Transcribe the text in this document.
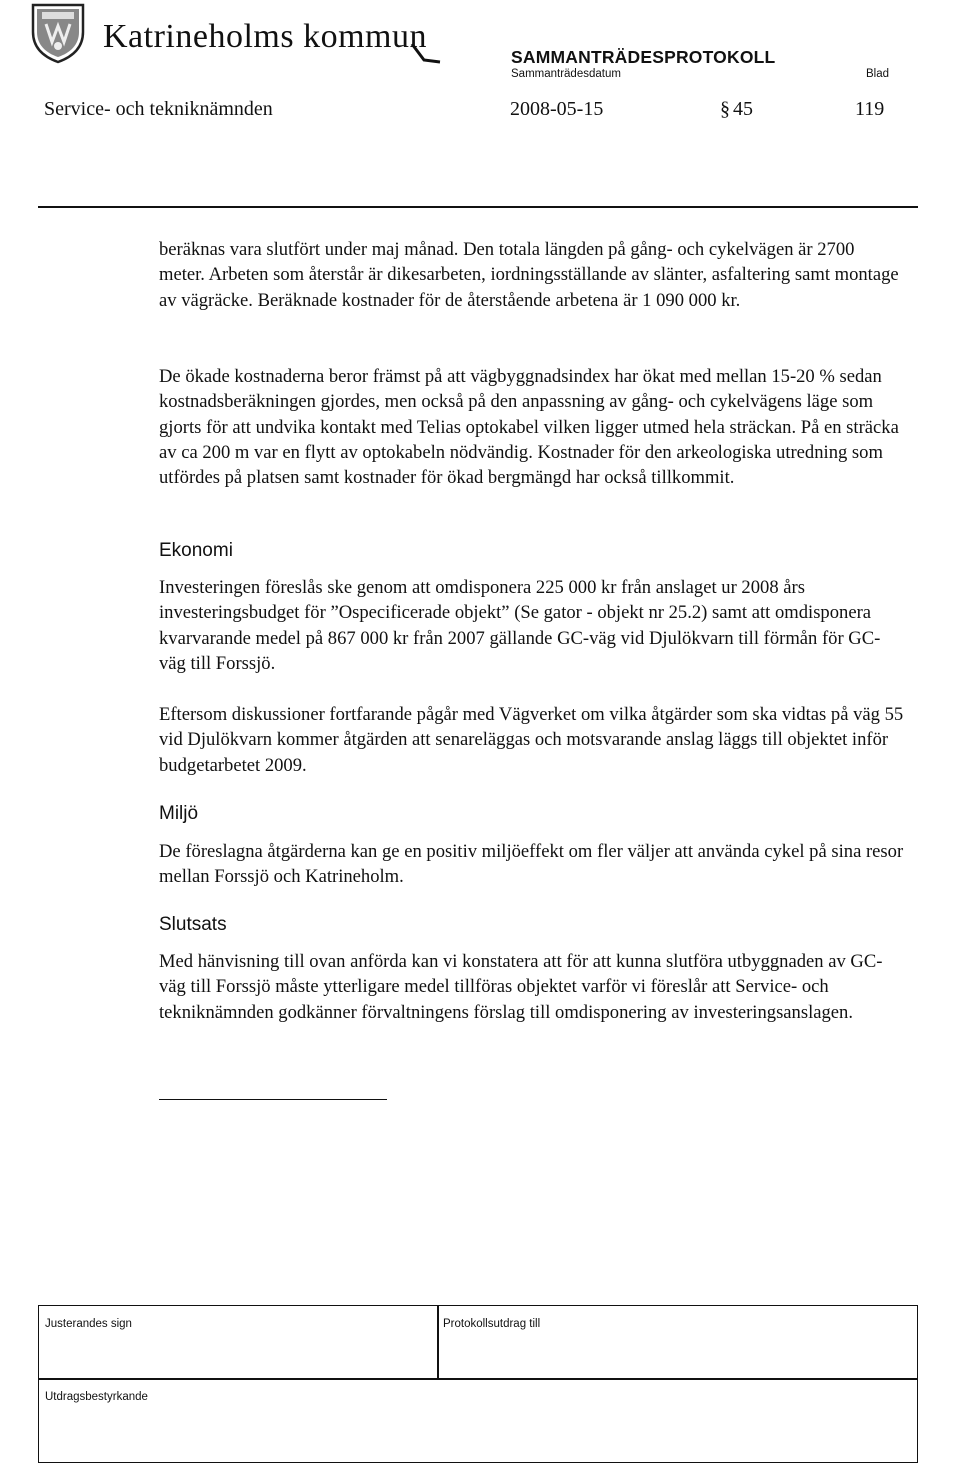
Katrineholms kommun
SAMMANTRÄDESPROTOKOLL
Sammanträdesdatum	Blad
Service- och tekniknämnden	2008-05-15	§ 45	119
beräknas vara slutfört under maj månad. Den totala längden på gång- och cykelvägen är 2700 meter. Arbeten som återstår är dikesarbeten, iordningsställande av slänter, asfaltering samt montage av vägräcke. Beräknade kostnader för de återstående arbetena är 1 090 000 kr.
De ökade kostnaderna beror främst på att vägbyggnadsindex har ökat med mellan 15-20 % sedan kostnadsberäkningen gjordes, men också på den anpassning av gång- och cykelvägens läge som gjorts för att undvika kontakt med Telias optokabel vilken ligger utmed hela sträckan. På en sträcka av ca 200 m var en flytt av optokabeln nödvändig. Kostnader för den arkeologiska utredning som utfördes på platsen samt kostnader för ökad bergmängd har också tillkommit.
Ekonomi
Investeringen föreslås ske genom att omdisponera 225 000 kr från anslaget ur 2008 års investeringsbudget för ”Ospecificerade objekt” (Se gator - objekt nr 25.2) samt att omdisponera kvarvarande medel på 867 000 kr från 2007 gällande GC-väg vid Djulökvarn till förmån för GC-väg till Forssjö.
Eftersom diskussioner fortfarande pågår med Vägverket om vilka åtgärder som ska vidtas på väg 55 vid Djulökvarn kommer åtgärden att senareläggas och motsvarande anslag läggs till objektet inför budgetarbetet 2009.
Miljö
De föreslagna åtgärderna kan ge en positiv miljöeffekt om fler väljer att använda cykel på sina resor mellan Forssjö och Katrineholm.
Slutsats
Med hänvisning till ovan anförda kan vi konstatera att för att kunna slutföra utbyggnaden av GC-väg till Forssjö måste ytterligare medel tillföras objektet varför vi föreslår att Service- och tekniknämnden godkänner förvaltningens förslag till omdisponering av investeringsanslagen.
Justerandes sign	Protokollsutdrag till
Utdragsbestyrkande
